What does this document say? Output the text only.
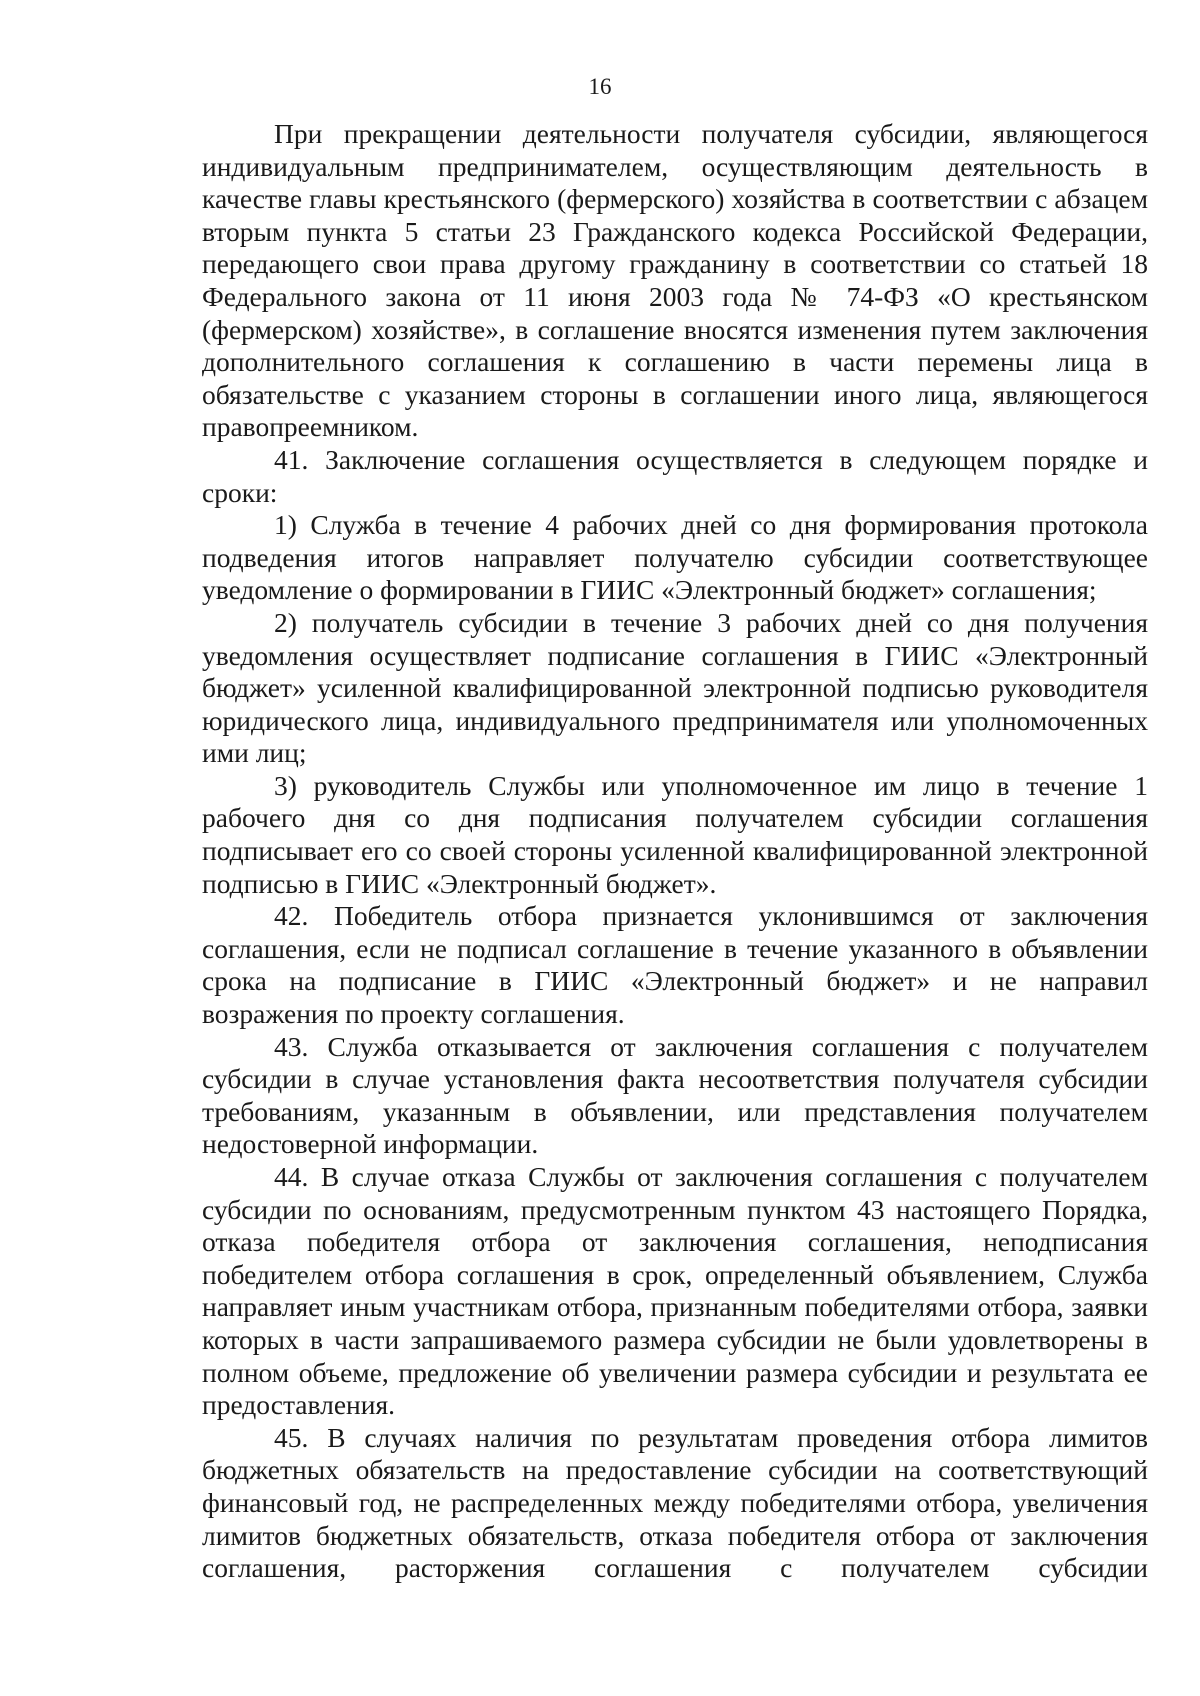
16

При прекращении деятельности получателя субсидии, являющегося индивидуальным предпринимателем, осуществляющим деятельность в качестве главы крестьянского (фермерского) хозяйства в соответствии с абзацем вторым пункта 5 статьи 23 Гражданского кодекса Российской Федерации, передающего свои права другому гражданину в соответствии со статьей 18 Федерального закона от 11 июня 2003 года № 74-ФЗ «О крестьянском (фермерском) хозяйстве», в соглашение вносятся изменения путем заключения дополнительного соглашения к соглашению в части перемены лица в обязательстве с указанием стороны в соглашении иного лица, являющегося правопреемником.

41. Заключение соглашения осуществляется в следующем порядке и сроки:

1) Служба в течение 4 рабочих дней со дня формирования протокола подведения итогов направляет получателю субсидии соответствующее уведомление о формировании в ГИИС «Электронный бюджет» соглашения;

2) получатель субсидии в течение 3 рабочих дней со дня получения уведомления осуществляет подписание соглашения в ГИИС «Электронный бюджет» усиленной квалифицированной электронной подписью руководителя юридического лица, индивидуального предпринимателя или уполномоченных ими лиц;

3) руководитель Службы или уполномоченное им лицо в течение 1 рабочего дня со дня подписания получателем субсидии соглашения подписывает его со своей стороны усиленной квалифицированной электронной подписью в ГИИС «Электронный бюджет».

42. Победитель отбора признается уклонившимся от заключения соглашения, если не подписал соглашение в течение указанного в объявлении срока на подписание в ГИИС «Электронный бюджет» и не направил возражения по проекту соглашения.

43. Служба отказывается от заключения соглашения с получателем субсидии в случае установления факта несоответствия получателя субсидии требованиям, указанным в объявлении, или представления получателем недостоверной информации.

44. В случае отказа Службы от заключения соглашения с получателем субсидии по основаниям, предусмотренным пунктом 43 настоящего Порядка, отказа победителя отбора от заключения соглашения, неподписания победителем отбора соглашения в срок, определенный объявлением, Служба направляет иным участникам отбора, признанным победителями отбора, заявки которых в части запрашиваемого размера субсидии не были удовлетворены в полном объеме, предложение об увеличении размера субсидии и результата ее предоставления.

45. В случаях наличия по результатам проведения отбора лимитов бюджетных обязательств на предоставление субсидии на соответствующий финансовый год, не распределенных между победителями отбора, увеличения лимитов бюджетных обязательств, отказа победителя отбора от заключения соглашения, расторжения соглашения с получателем субсидии
